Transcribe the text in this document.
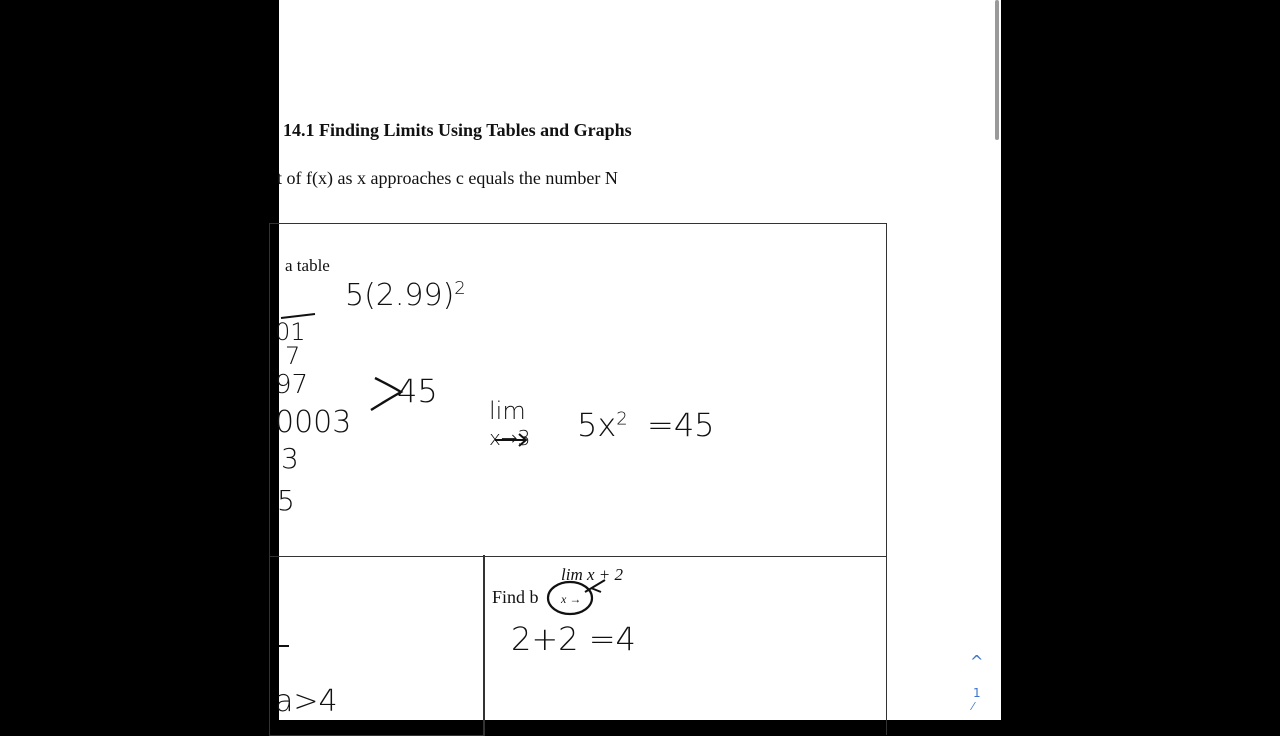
14.1 Finding Limits Using Tables and Graphs
t of f(x) as x approaches c equals the number N
a table
$5(2.99)^2$
01
7
97
0003
3
5
45
lim
x→3 $5x^2 =45$
lim x + 2
Find b x →
2+2 =4
a>4
^
1
⁄
